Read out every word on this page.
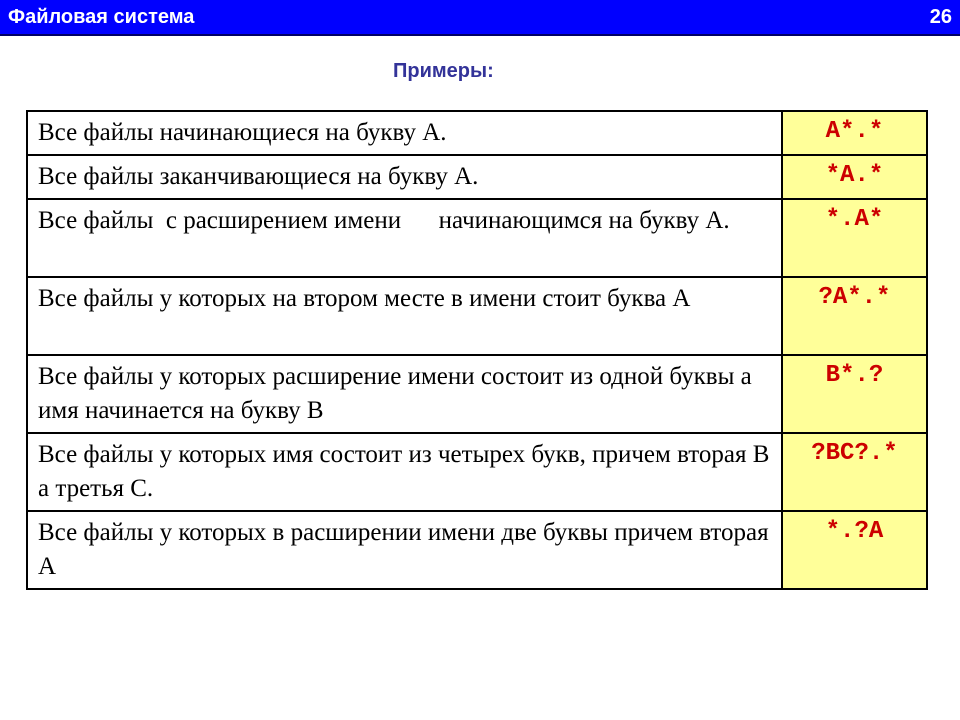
Файловая система	26
Примеры:
Все файлы начинающиеся на букву А.	A*.*
Все файлы заканчивающиеся на букву А.	*A.*
Все файлы  с расширением имени      начинающимся на букву А.	*.A*
Все файлы у которых на втором месте в имени стоит буква А	?A*.*
Все файлы у которых расширение имени состоит из одной буквы а имя начинается на букву В	B*.?
Все файлы у которых имя состоит из четырех букв, причем вторая В а третья С.	?BC?.*
Все файлы у которых в расширении имени две буквы причем вторая А	*.?A
